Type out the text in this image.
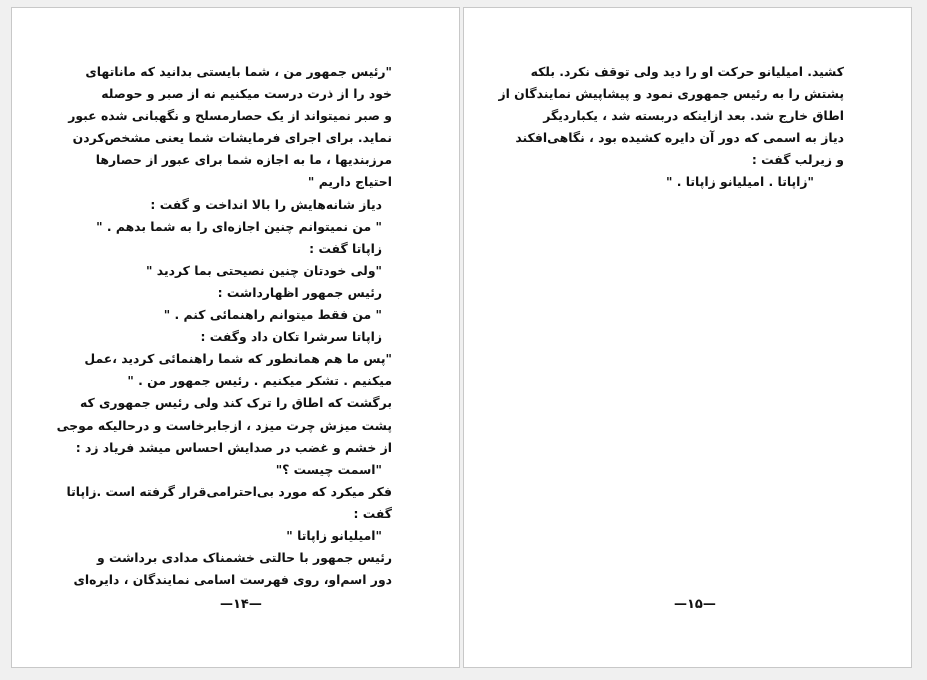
"رئیس جمهور من ، شما بایستی بدانید که ماناتهای
خود را از ذرت درست میکنیم نه از صبر و حوصله
و صبر نمیتواند از یک حصارمسلح و نگهبانی شده عبور
نماید. برای اجرای فرمایشات شما یعنی مشخص‌کردن
مرزبندیها ، ما به اجازه شما برای عبور از حصارها
احتیاج داریم "
دیاز شانه‌هایش را بالا انداخت و گفت :
" من نمیتوانم چنین اجازه‌ای را به شما بدهم . "
زاپاتا گفت :
"ولی خودتان چنین نصیحتی بما کردید "
رئیس جمهور اظهارداشت :
" من فقط میتوانم راهنمائی کنم . "
زاپاتا سرشرا تکان داد وگفت :
"پس ما هم همانطور که شما راهنمائی کردید ،عمل
میکنیم . تشکر میکنیم . رئیس جمهور من . "
برگشت که اطاق را ترک کند ولی رئیس جمهوری که
پشت میزش چرت میزد ، ازجابرخاست و درحالیکه موجی
از خشم و غضب در صدایش احساس میشد فریاد زد :
"اسمت چیست ؟"
فکر میکرد که مورد بی‌احترامی‌قرار گرفته است .زاپاتا
گفت :
"امیلیانو زاپاتا "
رئیس جمهور با حالتی خشمناک مدادی برداشت و
دور اسم‌او، روی فهرست اسامی نمایندگان ، دایره‌ای
—۱۴—
کشید. امیلیانو حرکت او را دید ولی توقف نکرد. بلکه
پشتش را به رئیس جمهوری نمود و پیشاپیش نمایندگان از
اطاق خارج شد. بعد ازاینکه دربسته شد ، یکباردیگر
دیاز به اسمی که دور آن دایره کشیده بود ، نگاهی‌افکند
و زیرلب گفت :
"زاپاتا . امیلیانو زاپاتا . "
—۱۵—
